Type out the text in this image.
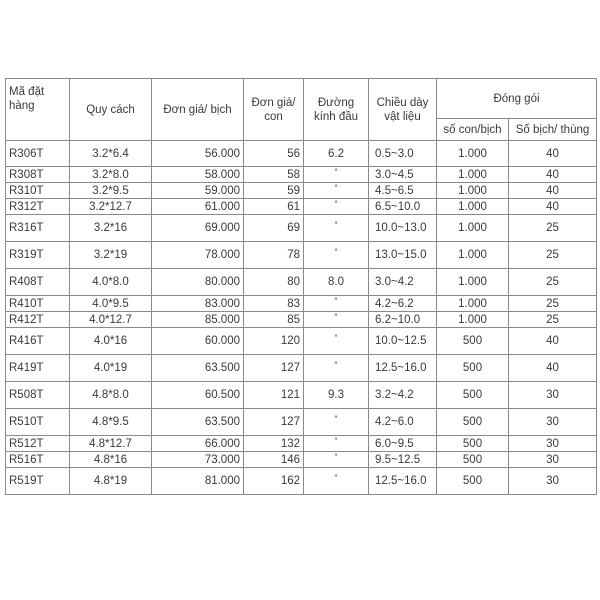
Mã đặt hàng	Quy cách	Đơn giá/ bịch	Đơn giá/ con	Đường kính đầu	Chiều dày vật liệu	Đóng gói	
						số con/bịch	Số bịch/ thùng
R306T	3.2*6.4	56.000	56	6.2	0.5~3.0	1.000	40
R308T	3.2*8.0	58.000	58	“	3.0~4.5	1.000	40
R310T	3.2*9.5	59.000	59	“	4.5~6.5	1.000	40
R312T	3.2*12.7	61.000	61	“	6.5~10.0	1.000	40
R316T	3.2*16	69.000	69	“	10.0~13.0	1.000	25
R319T	3.2*19	78.000	78	“	13.0~15.0	1.000	25
R408T	4.0*8.0	80.000	80	8.0	3.0~4.2	1.000	25
R410T	4.0*9.5	83.000	83	“	4.2~6.2	1.000	25
R412T	4.0*12.7	85.000	85	“	6.2~10.0	1.000	25
R416T	4.0*16	60.000	120	“	10.0~12.5	500	40
R419T	4.0*19	63.500	127	“	12.5~16.0	500	40
R508T	4.8*8.0	60.500	121	9.3	3.2~4.2	500	30
R510T	4.8*9.5	63.500	127	“	4.2~6.0	500	30
R512T	4.8*12.7	66.000	132	“	6.0~9.5	500	30
R516T	4.8*16	73.000	146	“	9.5~12.5	500	30
R519T	4.8*19	81.000	162	“	12.5~16.0	500	30
